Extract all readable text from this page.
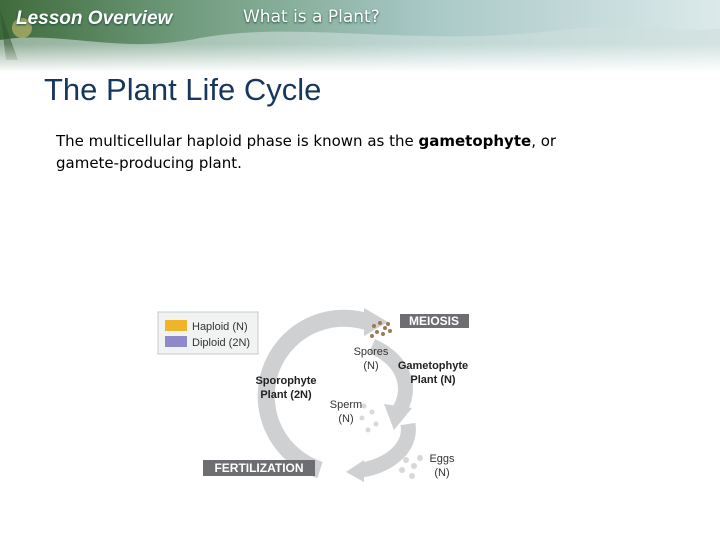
Lesson Overview	What is a Plant?
The Plant Life Cycle

The multicellular haploid phase is known as the gametophyte, or gamete-producing plant.

Haploid (N)
Diploid (2N)
MEIOSIS
FERTILIZATION
Spores
(N) Gametophyte
Plant (N)
Sporophyte
Plant (2N)
Sperm
(N)
Eggs
(N)
